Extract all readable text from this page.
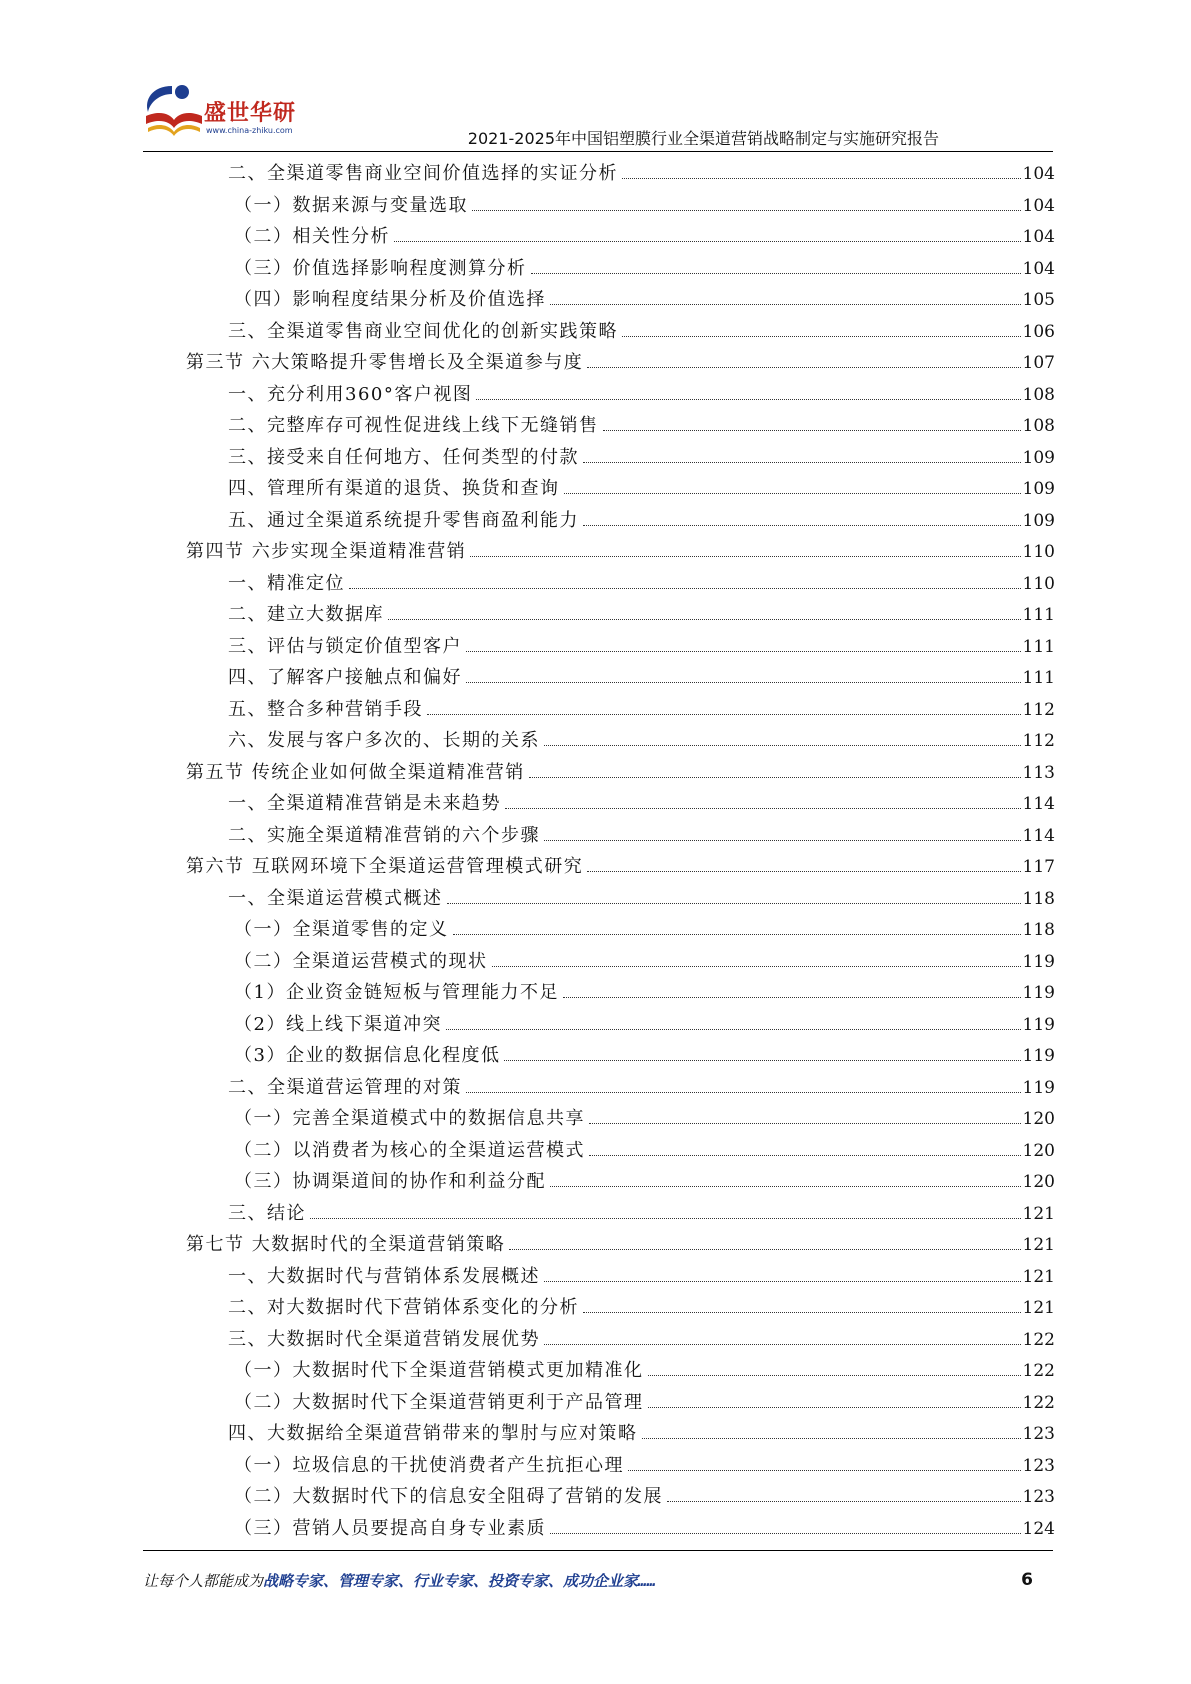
盛世华研
www.china-zhiku.com	2021-2025年中国铝塑膜行业全渠道营销战略制定与实施研究报告
二、全渠道零售商业空间价值选择的实证分析	104
（一）数据来源与变量选取	104
（二）相关性分析	104
（三）价值选择影响程度测算分析	104
（四）影响程度结果分析及价值选择	105
三、全渠道零售商业空间优化的创新实践策略	106
第三节 六大策略提升零售增长及全渠道参与度	107
一、充分利用360°客户视图	108
二、完整库存可视性促进线上线下无缝销售	108
三、接受来自任何地方、任何类型的付款	109
四、管理所有渠道的退货、换货和查询	109
五、通过全渠道系统提升零售商盈利能力	109
第四节 六步实现全渠道精准营销	110
一、精准定位	110
二、建立大数据库	111
三、评估与锁定价值型客户	111
四、了解客户接触点和偏好	111
五、整合多种营销手段	112
六、发展与客户多次的、长期的关系	112
第五节 传统企业如何做全渠道精准营销	113
一、全渠道精准营销是未来趋势	114
二、实施全渠道精准营销的六个步骤	114
第六节 互联网环境下全渠道运营管理模式研究	117
一、全渠道运营模式概述	118
（一）全渠道零售的定义	118
（二）全渠道运营模式的现状	119
（1）企业资金链短板与管理能力不足	119
（2）线上线下渠道冲突	119
（3）企业的数据信息化程度低	119
二、全渠道营运管理的对策	119
（一）完善全渠道模式中的数据信息共享	120
（二）以消费者为核心的全渠道运营模式	120
（三）协调渠道间的协作和利益分配	120
三、结论	121
第七节 大数据时代的全渠道营销策略	121
一、大数据时代与营销体系发展概述	121
二、对大数据时代下营销体系变化的分析	121
三、大数据时代全渠道营销发展优势	122
（一）大数据时代下全渠道营销模式更加精准化	122
（二）大数据时代下全渠道营销更利于产品管理	122
四、大数据给全渠道营销带来的掣肘与应对策略	123
（一）垃圾信息的干扰使消费者产生抗拒心理	123
（二）大数据时代下的信息安全阻碍了营销的发展	123
（三）营销人员要提高自身专业素质	124
让每个人都能成为战略专家、管理专家、行业专家、投资专家、成功企业家……	6
